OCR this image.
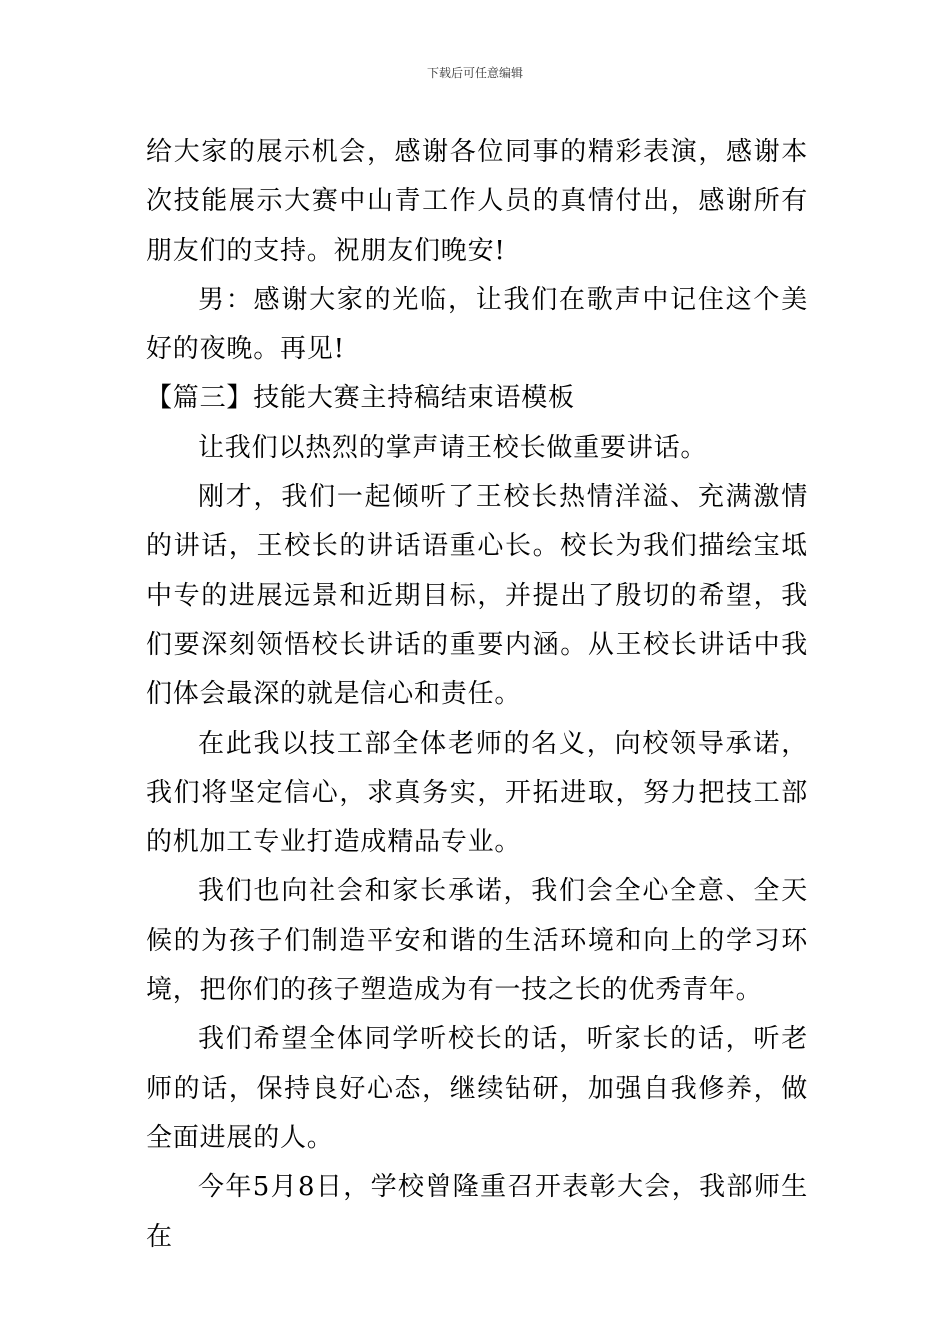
下载后可任意编辑

给大家的展示机会，感谢各位同事的精彩表演，感谢本次技能展示大赛中山青工作人员的真情付出，感谢所有朋友们的支持。祝朋友们晚安!

男：感谢大家的光临，让我们在歌声中记住这个美好的夜晚。再见!

【篇三】技能大赛主持稿结束语模板

让我们以热烈的掌声请王校长做重要讲话。

刚才，我们一起倾听了王校长热情洋溢、充满激情的讲话，王校长的讲话语重心长。校长为我们描绘宝坻中专的进展远景和近期目标，并提出了殷切的希望，我们要深刻领悟校长讲话的重要内涵。从王校长讲话中我们体会最深的就是信心和责任。

在此我以技工部全体老师的名义，向校领导承诺，我们将坚定信心，求真务实，开拓进取，努力把技工部的机加工专业打造成精品专业。

我们也向社会和家长承诺，我们会全心全意、全天候的为孩子们制造平安和谐的生活环境和向上的学习环境，把你们的孩子塑造成为有一技之长的优秀青年。

我们希望全体同学听校长的话，听家长的话，听老师的话，保持良好心态，继续钻研，加强自我修养，做全面进展的人。

今年5月8日，学校曾隆重召开表彰大会，我部师生在
